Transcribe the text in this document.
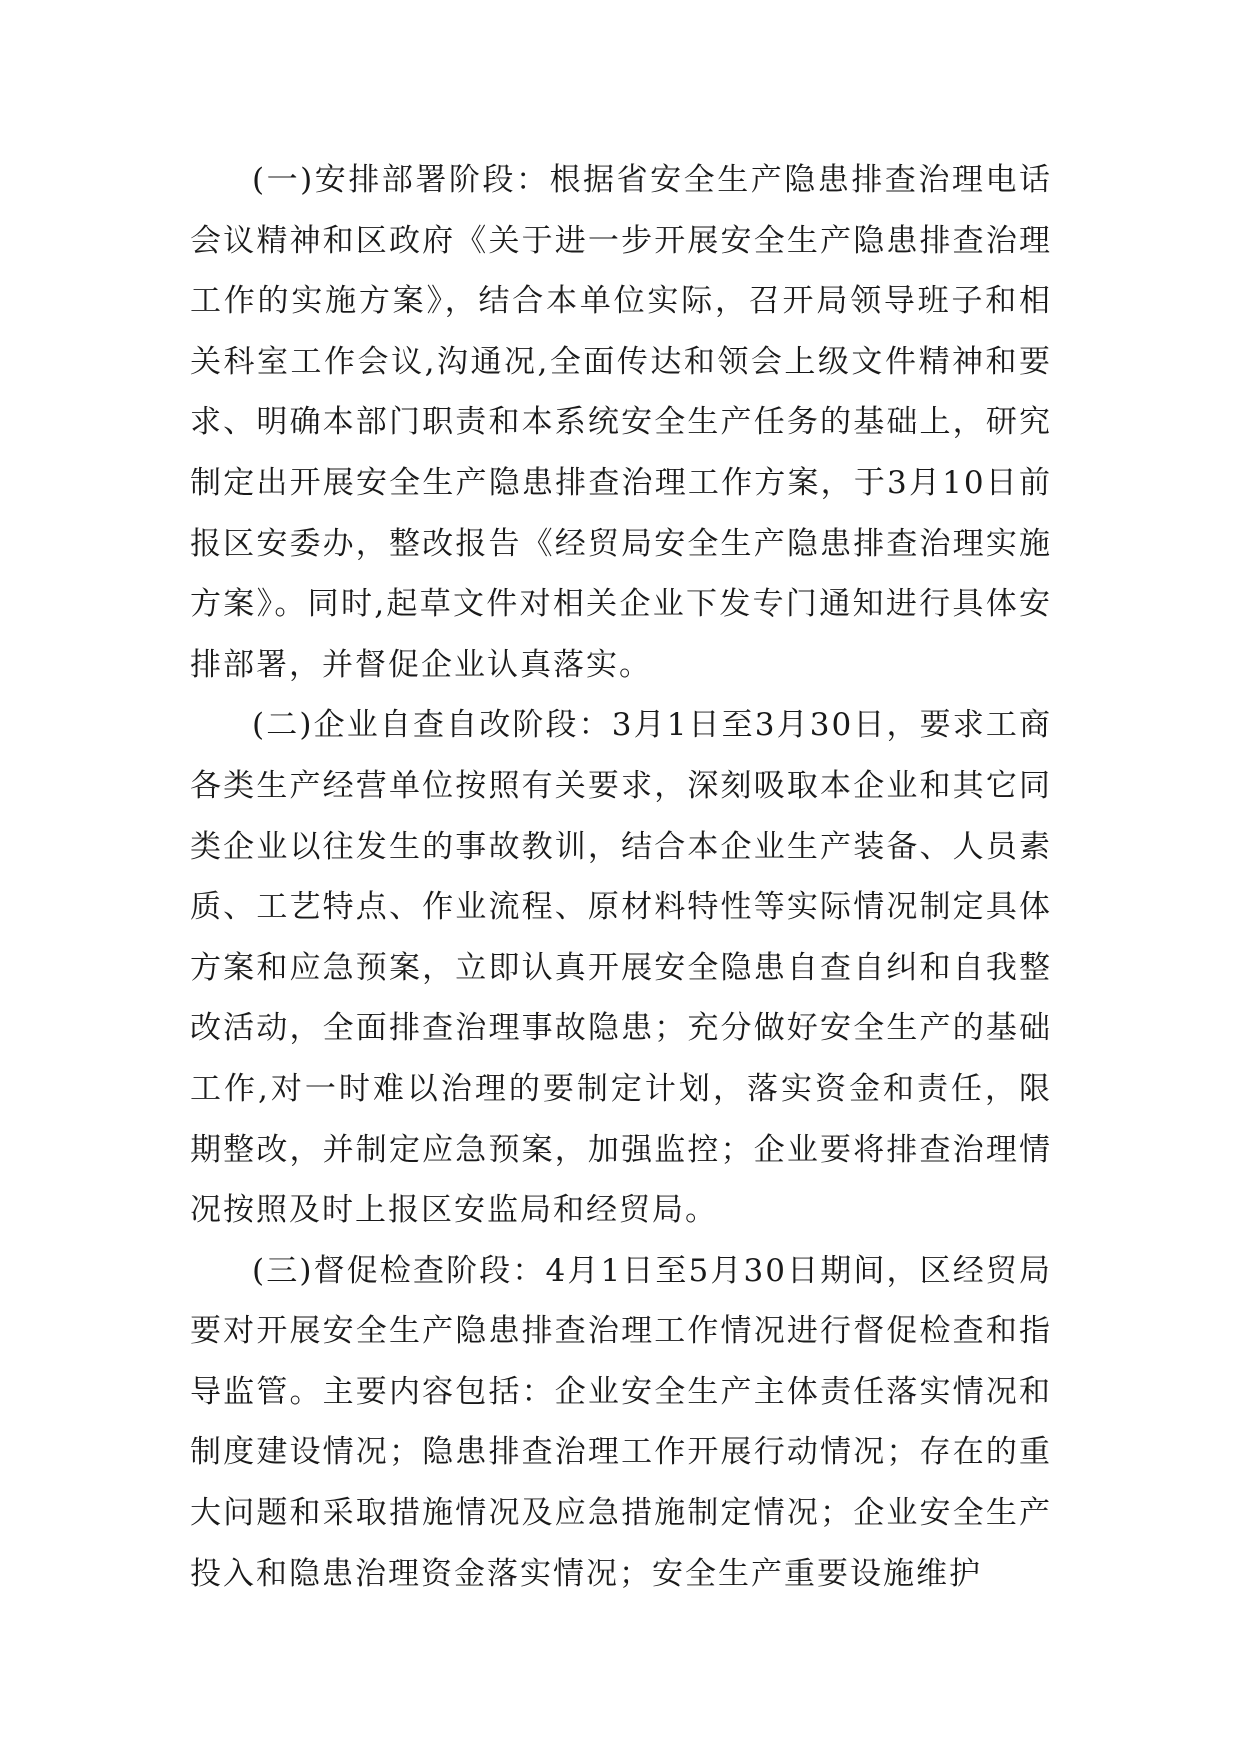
(一)安排部署阶段：根据省安全生产隐患排查治理电话会议精神和区政府《关于进一步开展安全生产隐患排查治理工作的实施方案》，结合本单位实际，召开局领导班子和相关科室工作会议,沟通况,全面传达和领会上级文件精神和要求、明确本部门职责和本系统安全生产任务的基础上，研究制定出开展安全生产隐患排查治理工作方案，于3月10日前报区安委办，整改报告《经贸局安全生产隐患排查治理实施方案》。同时,起草文件对相关企业下发专门通知进行具体安排部署，并督促企业认真落实。

(二)企业自查自改阶段：3月1日至3月30日，要求工商各类生产经营单位按照有关要求，深刻吸取本企业和其它同类企业以往发生的事故教训，结合本企业生产装备、人员素质、工艺特点、作业流程、原材料特性等实际情况制定具体方案和应急预案，立即认真开展安全隐患自查自纠和自我整改活动，全面排查治理事故隐患；充分做好安全生产的基础工作,对一时难以治理的要制定计划，落实资金和责任，限期整改，并制定应急预案，加强监控；企业要将排查治理情况按照及时上报区安监局和经贸局。

(三)督促检查阶段：4月1日至5月30日期间，区经贸局要对开展安全生产隐患排查治理工作情况进行督促检查和指导监管。主要内容包括：企业安全生产主体责任落实情况和制度建设情况；隐患排查治理工作开展行动情况；存在的重大问题和采取措施情况及应急措施制定情况；企业安全生产投入和隐患治理资金落实情况；安全生产重要设施维护
